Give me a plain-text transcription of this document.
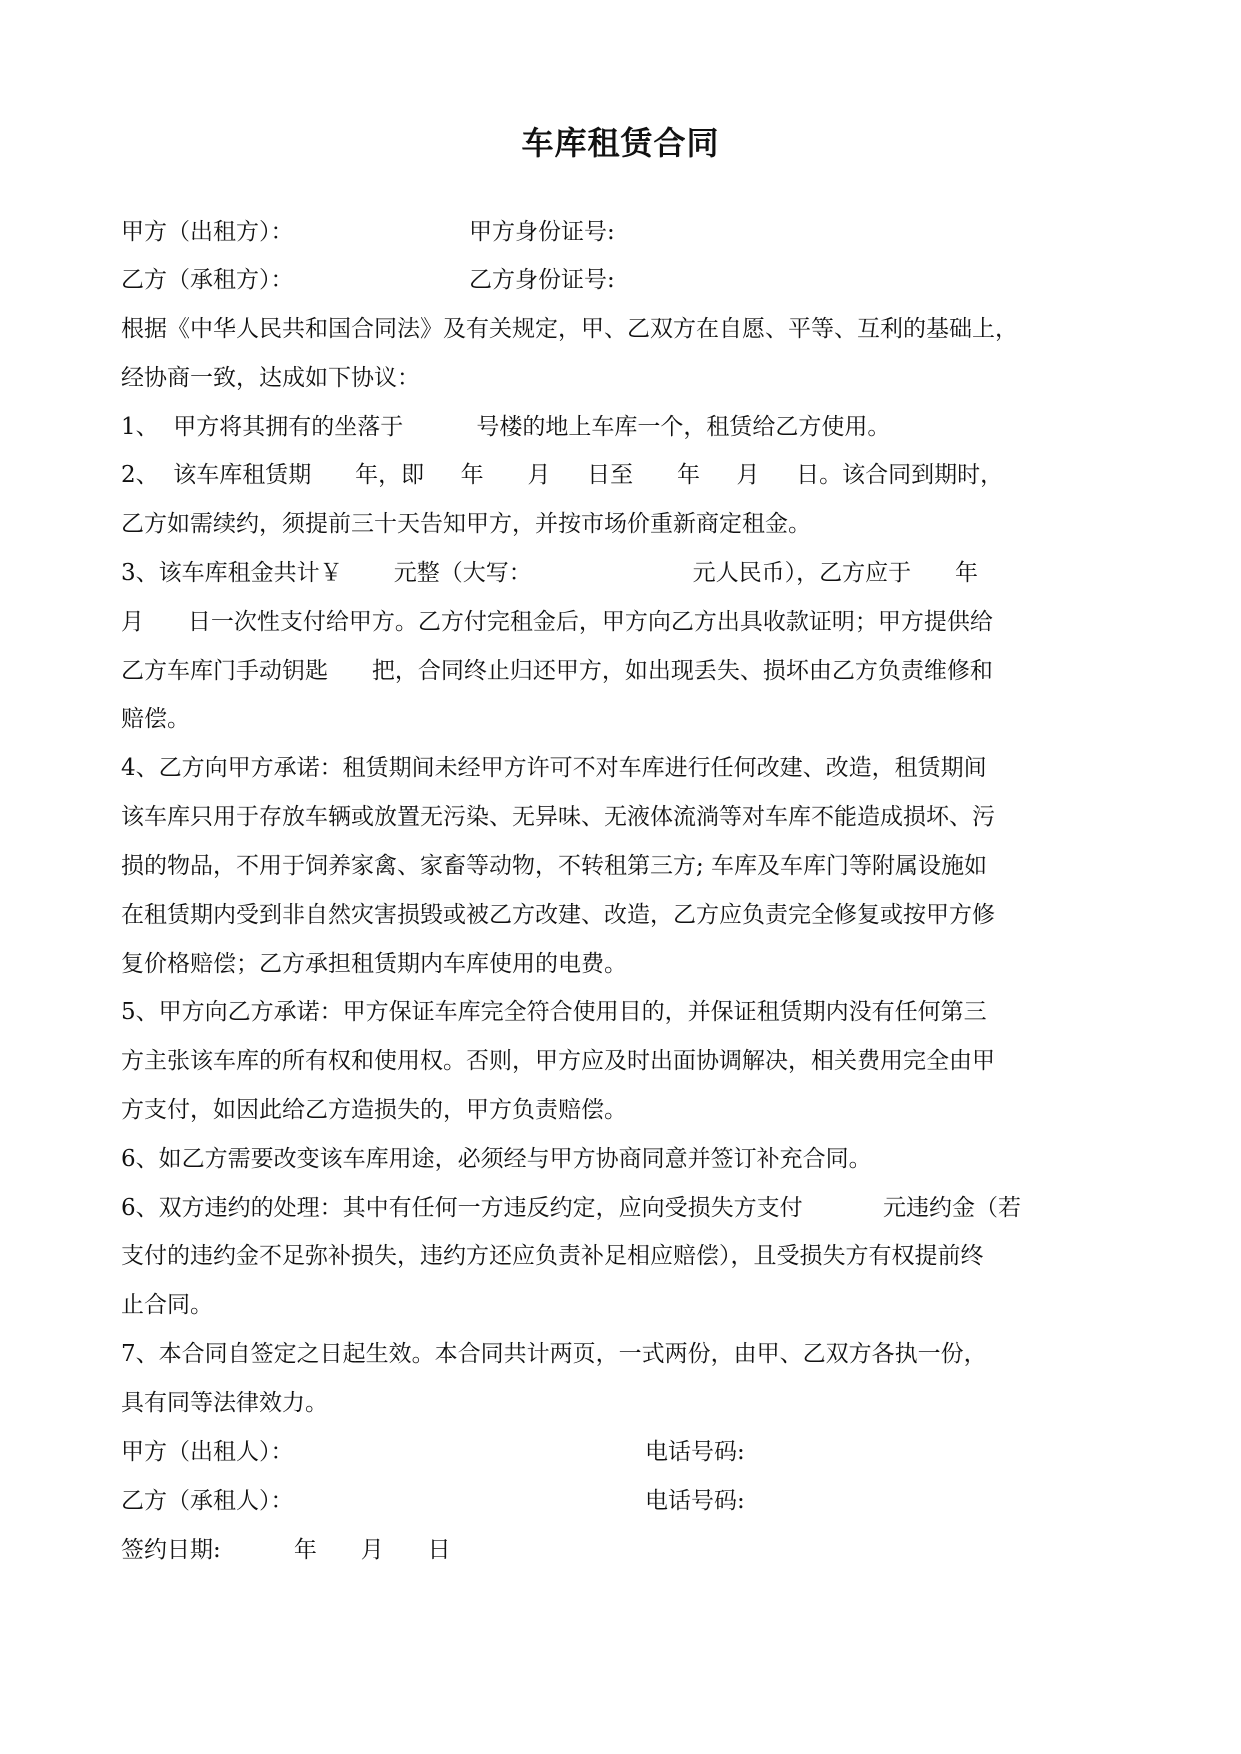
车库租赁合同
甲方（出租方）：	甲方身份证号:
乙方（承租方）：	乙方身份证号:
根据《中华人民共和国合同法》及有关规定，甲、乙双方在自愿、平等、互利的基础上，
经协商一致，达成如下协议：
1、  甲方将其拥有的坐落于          号楼的地上车库一个，租赁给乙方使用。
2、  该车库租赁期      年，即     年      月     日至      年     月     日。该合同到期时，
乙方如需续约，须提前三十天告知甲方，并按市场价重新商定租金。
3、该车库租金共计￥       元整（大写：                      元人民币），乙方应于      年
月      日一次性支付给甲方。乙方付完租金后，甲方向乙方出具收款证明；甲方提供给
乙方车库门手动钥匙      把，合同终止归还甲方，如出现丢失、损坏由乙方负责维修和
赔偿。
4、乙方向甲方承诺：租赁期间未经甲方许可不对车库进行任何改建、改造，租赁期间
该车库只用于存放车辆或放置无污染、无异味、无液体流淌等对车库不能造成损坏、污
损的物品，不用于饲养家禽、家畜等动物，不转租第三方; 车库及车库门等附属设施如
在租赁期内受到非自然灾害损毁或被乙方改建、改造，乙方应负责完全修复或按甲方修
复价格赔偿；乙方承担租赁期内车库使用的电费。
5、甲方向乙方承诺：甲方保证车库完全符合使用目的，并保证租赁期内没有任何第三
方主张该车库的所有权和使用权。否则，甲方应及时出面协调解决，相关费用完全由甲
方支付，如因此给乙方造损失的，甲方负责赔偿。
6、如乙方需要改变该车库用途，必须经与甲方协商同意并签订补充合同。
6、双方违约的处理：其中有任何一方违反约定，应向受损失方支付           元违约金（若
支付的违约金不足弥补损失，违约方还应负责补足相应赔偿），且受损失方有权提前终
止合同。
7、本合同自签定之日起生效。本合同共计两页，一式两份，由甲、乙双方各执一份，
具有同等法律效力。
甲方（出租人）：	电话号码:
乙方（承租人）：	电话号码:
签约日期:          年      月      日
